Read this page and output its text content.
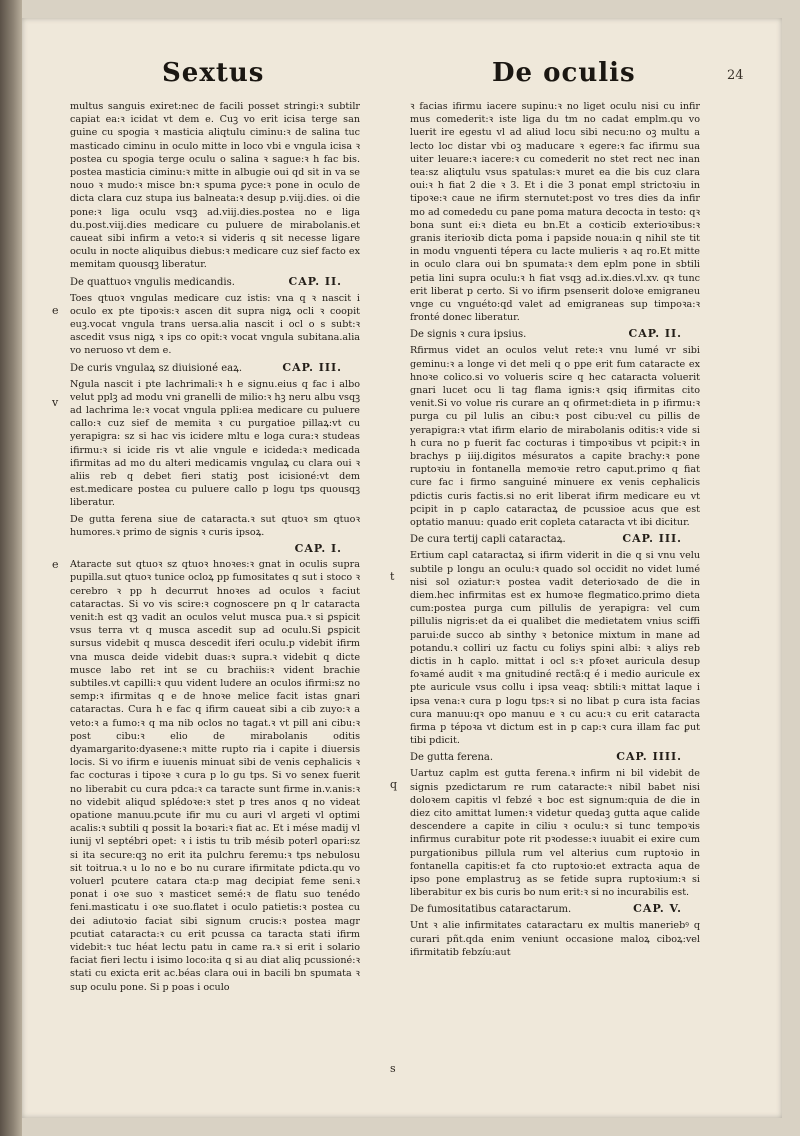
Sextus	De oculis	24
e
v
e
t
q
s

multus sanguis exiret:nec de facili posset stringi:ꝛ subtilr capiat ea:ꝛ icidat vt dem e. Cuꝫ vo erit icisa terge san guine cu spogia ꝛ masticia aliqtulu ciminu:ꝛ de salina tuc masticado ciminu in oculo mitte in loco vbi e vngula icisa ꝛ postea cu spogia terge oculu o salina ꝛ sague:ꝛ h fac bis. postea masticia ciminu:ꝛ mitte in albugie oui qd sit in va se nouo ꝛ mudo:ꝛ misce bn:ꝛ spuma ꝑyce:ꝛ pone in oculo de dicta clara cuz stupa ius balneata:ꝛ desup p.viij.dies. oi die pone:ꝛ liga oculu vsqꝫ ad.viij.dies.postea no e liga du.post.viij.dies medicare cu puluere de mirabolanis.et caueat sibi infirm a veto:ꝛ si videris q sit necesse ligare oculu in nocte aliquibus diebus:ꝛ medicare cuz sief facto ex memitam quousqꝫ liberatur.

De quattuoꝛ vngulis medicandis.	CAP. II.

Toes qtuoꝛ vngulas medicare cuz istis: vna q ꝛ nascit i oculo ex pte tipoꝛis:ꝛ ascen dit supra nigꝝ ocli ꝛ coopit euꝫ.vocat vngula trans uersa.alia nascit i ocl o s subt:ꝛ ascedit vsus nigꝝ ꝛ ips co opit:ꝛ vocat vngula subitana.alia vo neruoso vt dem e.

De curis vngulaꝝ sz diuisioné eaꝝ.	CAP. III.

Ngula nascit i pte lachrimali:ꝛ h e signu.eius q fac i albo velut pplꝫ ad modu vni granelli de milio:ꝛ hꝫ neru albu vsqꝫ ad lachrima le:ꝛ vocat vngula ppli:ea medicare cu puluere callo:ꝛ cuz sief de memita ꝛ cu purgatioe pillaꝝ:vt cu yerapigra: sz si hac vis icidere mltu e loga cura:ꝛ studeas ifirmu:ꝛ si icide ris vt alie vngule e icideda:ꝛ medicada ifirmitas ad mo du alteri medicamis vngulaꝝ cu clara oui ꝛ aliis reb q debet fieri statiꝫ post icisioné:vt dem est.medicare postea cu puluere callo p logu tps quousqꝫ liberatur.

De gutta ferena siue de cataracta.ꝛ sut qtuoꝛ sm qtuoꝛ humores.ꝛ primo de signis ꝛ curis ipsoꝝ.

CAP. I.

Ataracte sut qtuoꝛ sz qtuoꝛ hnoꝛes:ꝛ gnat in oculis supra pupilla.sut qtuoꝛ tunice ocloꝝ pp fumositates q sut i stoco ꝛ cerebro ꝛ pp h decurrut hnoꝛes ad oculos ꝛ faciut cataractas. Si vo vis scire:ꝛ cognoscere pn q lr cataracta venit:h est qꝫ vadit an oculos velut musca pua.ꝛ si ꝑspicit vsus terra vt q musca ascedit sup ad oculu.Si ꝑspicit sursus videbit q musca descedit iferi oculu.p videbit ifirm vna musca deide videbit duas:ꝛ supra.ꝛ videbit q dicte musce labo ret int se cu brachiis:ꝛ vident brachie subtiles.vt capilli:ꝛ quu vident ludere an oculos ifirmi:sz no semp:ꝛ ifirmitas q e de hnoꝛe melice facit istas gnari cataractas. Cura h e fac q ifirm caueat sibi a cib zuyo:ꝛ a veto:ꝛ a fumo:ꝛ q ma nib oclos no tagat.ꝛ vt pill ani cibu:ꝛ post cibu:ꝛ elio de mirabolanis oditis dyamargarito:dyasene:ꝛ mitte rupto ria i capite i diuersis locis. Si vo ifirm e iuuenis minuat sibi de venis cephalicis ꝛ fac cocturas i tipoꝛe ꝛ cura p lo gu tps. Si vo senex fuerit no liberabit cu cura pdca:ꝛ ca taracte sunt firme in.v.anis:ꝛ no videbit aliqud splédoꝛe:ꝛ stet p tres anos q no videat opatione manuu.pcute ifir mu cu auri vl argeti vl optimi acalis:ꝛ subtili q possit la boꝛari:ꝛ fiat ac. Et i mése madij vl iunij vl septébri opet: ꝛ i istis tu trib mésib poterl opari:sz si ita secure:qꝫ no erit ita pulchru feremu:ꝛ tps nebulosu sit toitrua.ꝛ u lo no e bo nu curare ifirmitate pdicta.qu vo voluerl pcutere catara cta:p mag decipiat feme seni.ꝛ ponat i oꝛe suo ꝛ masticet semé:ꝛ de flatu suo tenédo feni.masticatu i oꝛe suo.flatet i oculo patietis:ꝛ postea cu dei adiutoꝛio faciat sibi signum crucis:ꝛ postea magr pcutiat cataracta:ꝛ cu erit pcussa ca taracta stati ifirm videbit:ꝛ tuc héat lectu patu in came ra.ꝛ si erit i solario faciat fieri lectu i isimo loco:ita q si au diat aliq pcussioné:ꝛ stati cu exicta erit ac.béas clara oui in bacili bn spumata ꝛ sup oculu pone. Si p poas i oculo

ꝛ facias ifirmu iacere supinu:ꝛ no liget oculu nisi cu infir mus comederit:ꝛ iste liga du tm no cadat emplm.qu vo luerit ire egestu vl ad aliud locu sibi necu:no oꝫ multu a lecto loc distar vbi oꝫ maducare ꝛ egere:ꝛ fac ifirmu sua uiter leuare:ꝛ iacere:ꝛ cu comederit no stet rect nec inan tea:sz aliqtulu vsus spatulas:ꝛ muret ea die bis cuz clara oui:ꝛ h fiat 2 die ꝛ 3. Et i die 3 ponat empl strictoꝛiu in tipoꝛe:ꝛ caue ne ifirm sternutet:post vo tres dies da infir mo ad comededu cu pane poma matura decocta in testo: qꝛ bona sunt ei:ꝛ dieta eu bn.Et a coꝛticib exterioꝛibus:ꝛ granis iterioꝛib dicta poma i papside noua:in q nihil ste tit in modu vnguenti tépera cu lacte mulieris ꝛ aq ro.Et mitte in oculo clara oui bn spumata:ꝛ dem eplm pone in sbtili petia lini supra oculu:ꝛ h fiat vsqꝫ ad.ix.dies.vl.xv. qꝛ tunc erit liberat p certo. Si vo ifirm psenserit doloꝛe emigraneu vnge cu vnguéto:qd valet ad emigraneas sup timpoꝛa:ꝛ fronté donec liberatur.

De signis ꝛ cura ipsius.	CAP. II.

Rfirmus videt an oculos velut rete:ꝛ vnu lumé vr sibi geminu:ꝛ a longe vi det meli q o ppe erit fum cataracte ex hnoꝛe colico.si vo volueris scire q hec cataracta voluerit gnari lucet ocu li tag flama ignis:ꝛ qsiq ifirmitas cito venit.Si vo volue ris curare an q ofirmet:dieta in p ifirmu:ꝛ purga cu pil lulis an cibu:ꝛ post cibu:vel cu pillis de yerapigra:ꝛ vtat ifirm elario de mirabolanis oditis:ꝛ vide si h cura no p fuerit fac cocturas i timpoꝛibus vt pcipit:ꝛ in brachys p iiij.digitos mésuratos a capite brachy:ꝛ pone ruptoꝛiu in fontanella memoꝛie retro caput.primo q fiat cure fac i firmo sanguiné minuere ex venis cephalicis pdictis curis factis.si no erit liberat ifirm medicare eu vt pcipit in p caplo cataractaꝝ de pcussioe acus que est optatio manuu: quado erit copleta cataracta vt ibi dicitur.

De cura tertij capli cataractaꝝ.	CAP. III.

Ertium capl cataractaꝝ si ifirm viderit in die q si vnu velu subtile p longu an oculu:ꝛ quado sol occidit no videt lumé nisi sol oziatur:ꝛ postea vadit deterioꝛado de die in diem.hec infirmitas est ex humoꝛe flegmatico.primo dieta cum:postea purga cum pillulis de yerapigra: vel cum pillulis nigris:et da ei qualibet die medietatem vnius sciffi parui:de succo ab sinthy ꝛ betonice mixtum in mane ad potandu.ꝛ colliri uz factu cu foliys spini albi: ꝛ aliys reb dictis in h caplo. mittat i ocl s:ꝛ pfoꝛet auricula desup foꝛamé audit ꝛ ma gnitudiné rectã:q é i medio auricule ex pte auricule vsus collu i ipsa veaq: sbtili:ꝛ mittat laque i ipsa vena:ꝛ cura p logu tps:ꝛ si no libat p cura ista facias cura manuu:qꝛ opo manuu e ꝛ cu acu:ꝛ cu erit cataracta firma p tépoꝛa vt dictum est in p cap:ꝛ cura illam fac ꝑut tibi pdicit.

De gutta ferena.	CAP. IIII.

Uartuz caplm est gutta ferena.ꝛ infirm ni bil videbit de signis pzedictarum re rum cataracte:ꝛ nibil babet nisi doloꝛem capitis vl febzé ꝛ boc est signum:quia de die in diez cito amittat lumen:ꝛ videtur quedaꝫ gutta aque calide descendere a capite in ciliu ꝛ oculu:ꝛ si tunc tempoꝛis infirmus curabitur pote rit pꝛodesse:ꝛ iuuabit ei exire cum purgationibus pillula rum vel alterius cum ruptoꝛio in fontanella capitis:et fa cto ruptoꝛio:et extracta aqua de ipso pone emplastruꝫ as se fetide supra ruptoꝛium:ꝛ si liberabitur ex bis curis bo num erit:ꝛ si no incurabilis est.

De fumositatibus cataractarum.	CAP. V.

Unt ꝛ alie infirmitates cataractaru ex multis maneriebꝰ q curari pñt.qda enim veniunt occasione maloꝝ ciboꝝ:vel ifirmitatib febzíu:aut
